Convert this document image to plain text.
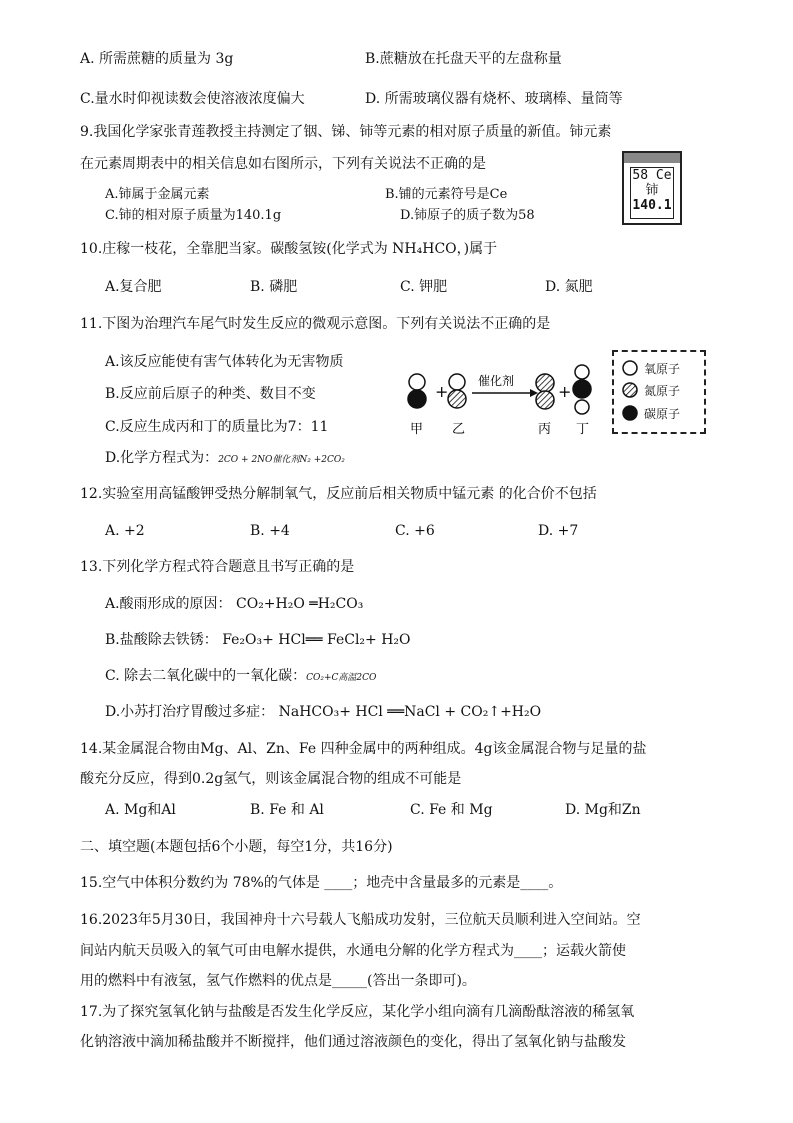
A. 所需蔗糖的质量为 3g	B.蔗糖放在托盘天平的左盘称量
C.量水时仰视读数会使溶液浓度偏大	D. 所需玻璃仪器有烧杯、玻璃棒、量筒等
9.我国化学家张青莲教授主持测定了铟、锑、铈等元素的相对原子质量的新值。铈元素
在元素周期表中的相关信息如右图所示，下列有关说法不正确的是
A.铈属于金属元素	B.铺的元素符号是Ce
C.铈的相对原子质量为140.1g	D.铈原子的质子数为58
58 Ce
铈
140.1
10.庄稼一枝花，全靠肥当家。碳酸氢铵(化学式为 NH₄HCO，)属于
A.复合肥	B. 磷肥	C. 钾肥	D. 氮肥
11.下图为治理汽车尾气时发生反应的微观示意图。下列有关说法不正确的是
A.该反应能使有害气体转化为无害物质
B.反应前后原子的种类、数目不变
C.反应生成丙和丁的质量比为7：11
D.化学方程式为：2CO + 2NO催化剂N₂ +2CO₂
+
催化剂
+
甲 乙	丙 丁
氧原子
氮原子
碳原子
12.实验室用高锰酸钾受热分解制氧气，反应前后相关物质中锰元素 的化合价不包括
A. +2	B. +4	C. +6	D. +7
13.下列化学方程式符合题意且书写正确的是
A.酸雨形成的原因： CO₂+H₂O ═H₂CO₃
B.盐酸除去铁锈： Fe₂O₃+ HCl══ FeCl₂+ H₂O
C. 除去二氧化碳中的一氧化碳：CO₂+C高温2CO
D.小苏打治疗胃酸过多症： NaHCO₃+ HCl ══NaCl + CO₂↑+H₂O
14.某金属混合物由Mg、Al、Zn、Fe 四种金属中的两种组成。4g该金属混合物与足量的盐
酸充分反应，得到0.2g氢气，则该金属混合物的组成不可能是
A. Mg和Al	B. Fe 和 Al	C. Fe 和 Mg	D. Mg和Zn
二、填空题(本题包括6个小题，每空1分，共16分)
15.空气中体积分数约为 78%的气体是 ____；地壳中含量最多的元素是____。
16.2023年5月30日，我国神舟十六号载人飞船成功发射，三位航天员顺利进入空间站。空
间站内航天员吸入的氧气可由电解水提供，水通电分解的化学方程式为____；运载火箭使
用的燃料中有液氢，氢气作燃料的优点是_____(答出一条即可)。
17.为了探究氢氧化钠与盐酸是否发生化学反应，某化学小组向滴有几滴酚酞溶液的稀氢氧
化钠溶液中滴加稀盐酸并不断搅拌，他们通过溶液颜色的变化，得出了氢氧化钠与盐酸发
